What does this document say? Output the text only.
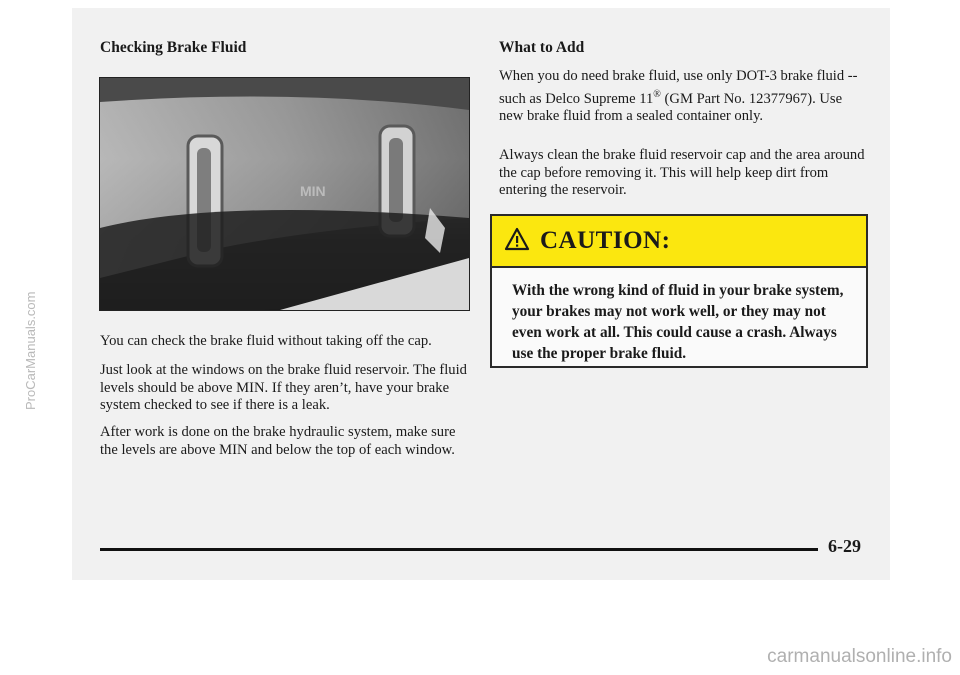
Checking Brake Fluid
MIN

You can check the brake fluid without taking off the cap.

Just look at the windows on the brake fluid reservoir. The fluid levels should be above MIN. If they aren’t, have your brake system checked to see if there is a leak.

After work is done on the brake hydraulic system, make sure the levels are above MIN and below the top of each window.

What to Add

When you do need brake fluid, use only DOT-3 brake fluid -- such as Delco Supreme 11® (GM Part No. 12377967). Use new brake fluid from a sealed container only.

Always clean the brake fluid reservoir cap and the area around the cap before removing it. This will help keep dirt from entering the reservoir.

CAUTION:
With the wrong kind of fluid in your brake system, your brakes may not work well, or they may not even work at all. This could cause a crash. Always use the proper brake fluid.
6-29
ProCarManuals.com
carmanualsonline.info
